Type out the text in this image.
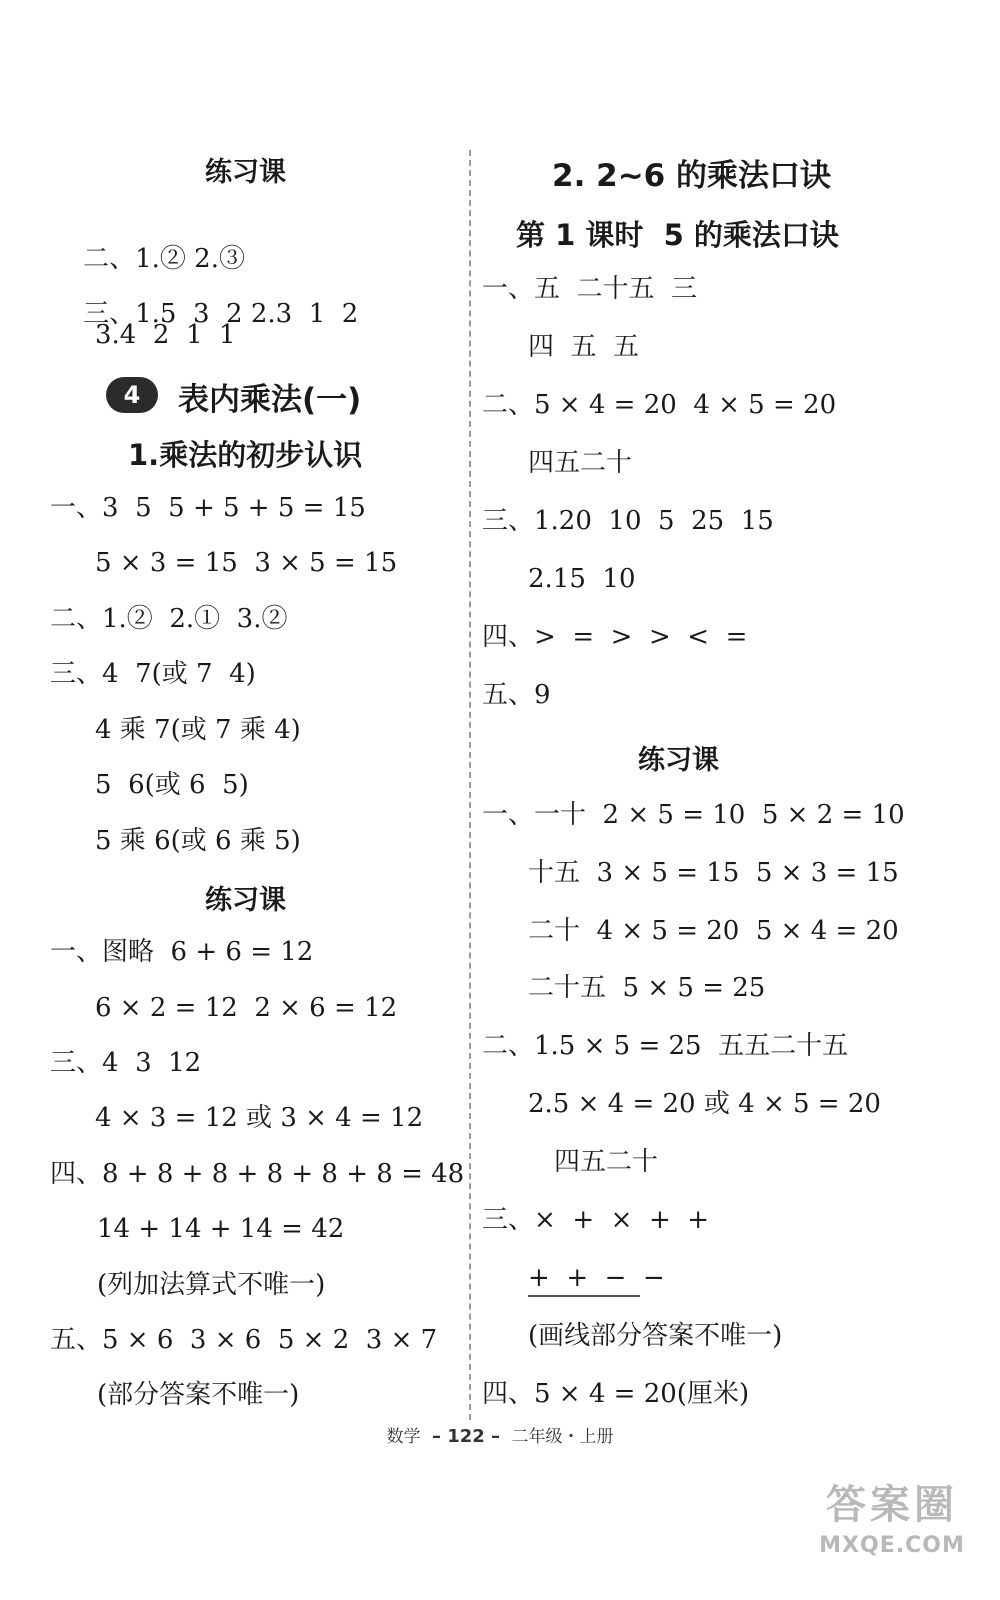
练习课

二、1.② 2.③

三、1.5  3  2 2.3  1  2

3.4  2  1  1
4	表内乘法(一)
1.乘法的初步认识
一、3  5  5 + 5 + 5 = 15
5 × 3 = 15  3 × 5 = 15
二、1.②  2.①  3.②
三、4  7(或 7  4)
4 乘 7(或 7 乘 4)
5  6(或 6  5)
5 乘 6(或 6 乘 5)
练习课
一、图略  6 + 6 = 12
6 × 2 = 12  2 × 6 = 12
三、4  3  12
4 × 3 = 12 或 3 × 4 = 12
四、8 + 8 + 8 + 8 + 8 + 8 = 48
14 + 14 + 14 = 42
(列加法算式不唯一)
五、5 × 6  3 × 6  5 × 2  3 × 7
(部分答案不唯一)
2. 2~6 的乘法口诀
第 1 课时  5 的乘法口诀
一、五  二十五  三
四  五  五
二、5 × 4 = 20  4 × 5 = 20
四五二十
三、1.20  10  5  25  15
2.15  10
四、>  =  >  >  <  =
五、9
练习课
一、一十  2 × 5 = 10  5 × 2 = 10
十五  3 × 5 = 15  5 × 3 = 15
二十  4 × 5 = 20  5 × 4 = 20
二十五  5 × 5 = 25
二、1.5 × 5 = 25  五五二十五
2.5 × 4 = 20 或 4 × 5 = 20
四五二十
三、×  +  ×  +  +
+  +  −  −
(画线部分答案不唯一)
四、5 × 4 = 20(厘米)
数学 – 122 – 二年级・上册
答案圈
MXQE.COM
